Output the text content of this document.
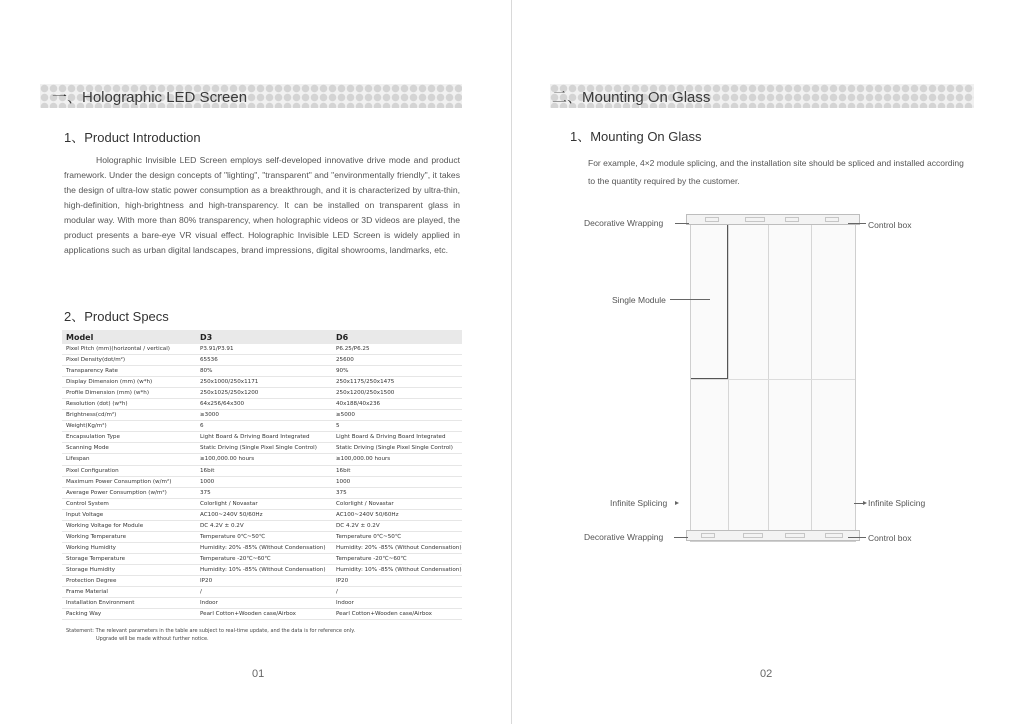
一、Holographic LED Screen
1、Product Introduction

Holographic Invisible LED Screen employs self-developed innovative drive mode and product framework. Under the design concepts of "lighting", "transparent" and "environmentally friendly", it takes the design of ultra-low static power consumption as a breakthrough, and it is characterized by ultra-thin, high-definition, high-brightness and high-transparency. It can be installed on transparent glass in modular way. With more than 80% transparency, when holographic videos or 3D videos are played, the product presents a bare-eye VR visual effect. Holographic Invisible LED Screen is widely applied in applications such as urban digital landscapes, brand impressions, digital showrooms, landmarks, etc.

2、Product Specs
Model	D3	D6
Pixel Pitch (mm)(horizontal / vertical)	P3.91/P3.91	P6.25/P6.25
Pixel Density(dot/m²)	65536	25600
Transparency Rate	80%	90%
Display Dimension (mm) (w*h)	250x1000/250x1171	250x1175/250x1475
Profile Dimension (mm) (w*h)	250x1025/250x1200	250x1200/250x1500
Resolution (dot) (w*h)	64x256/64x300	40x188/40x236
Brightness(cd/m²)	≥3000	≥5000
Weight(Kg/m²)	6	5
Encapsulation Type	Light Board & Driving Board Integrated	Light Board & Driving Board Integrated
Scanning Mode	Static Driving (Single Pixel Single Control)	Static Driving (Single Pixel Single Control)
Lifespan	≥100,000.00 hours	≥100,000.00 hours
Pixel Configuration	16bit	16bit
Maximum Power Consumption (w/m²)	1000	1000
Average Power Consumption (w/m²)	375	375
Control System	Colorlight / Novastar	Colorlight / Novastar
Input Voltage	AC100~240V 50/60Hz	AC100~240V 50/60Hz
Working Voltage for Module	DC 4.2V ± 0.2V	DC 4.2V ± 0.2V
Working Temperature	Temperature 0℃~50℃	Temperature 0℃~50℃
Working Humidity	Humidity: 20% -85% (Without Condensation)	Humidity: 20% -85% (Without Condensation)
Storage Temperature	Temperature -20℃~60℃	Temperature -20℃~60℃
Storage Humidity	Humidity: 10% -85% (Without Condensation)	Humidity: 10% -85% (Without Condensation)
Protection Degree	IP20	IP20
Frame Material	/	/
Installation Environment	Indoor	Indoor
Packing Way	Pearl Cotton+Wooden case/Airbox	Pearl Cotton+Wooden case/Airbox
Statement: The relevant parameters in the table are subject to real-time update, and the data is for reference only.
Upgrade will be made without further notice.
01
二、Mounting On Glass
1、Mounting On Glass

For example, 4×2 module splicing, and the installation site should be spliced and installed according to the quantity required by the customer.

Decorative Wrapping	Control box
Single Module
Infinite Splicing	Infinite Splicing
Decorative Wrapping	Control box
02
